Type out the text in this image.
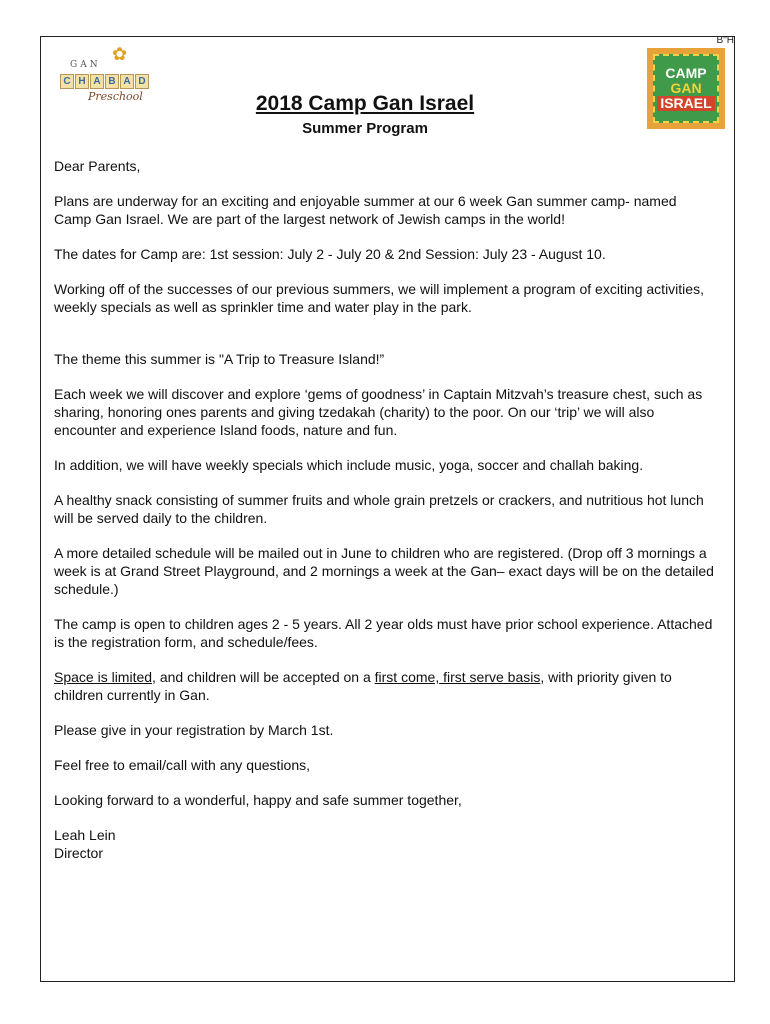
B"H
✿
GAN
C H A B A D
Preschool
CAMP
GAN
ISRAEL
2018 Camp Gan Israel
Summer Program

Dear Parents,

Plans are underway for an exciting and enjoyable summer at our 6 week Gan summer camp- named Camp Gan Israel. We are part of the largest network of Jewish camps in the world!

The dates for Camp are: 1st session: July 2 - July 20 & 2nd Session: July 23 - August 10.

Working off of the successes of our previous summers, we will implement a program of exciting activities, weekly specials as well as sprinkler time and water play in the park.

The theme this summer is "A Trip to Treasure Island!”

Each week we will discover and explore ‘gems of goodness’ in Captain Mitzvah’s treasure chest, such as sharing, honoring ones parents and giving tzedakah (charity) to the poor. On our ‘trip’ we will also encounter and experience Island foods, nature and fun.

In addition, we will have weekly specials which include music, yoga, soccer and challah baking.

A healthy snack consisting of summer fruits and whole grain pretzels or crackers, and nutritious hot lunch will be served daily to the children.

A more detailed schedule will be mailed out in June to children who are registered. (Drop off 3 mornings a week is at Grand Street Playground, and 2 mornings a week at the Gan– exact days will be on the detailed schedule.)

The camp is open to children ages 2 - 5 years. All 2 year olds must have prior school experience. Attached is the registration form, and schedule/fees.

Space is limited, and children will be accepted on a first come, first serve basis, with priority given to children currently in Gan.

Please give in your registration by March 1st.

Feel free to email/call with any questions,

Looking forward to a wonderful, happy and safe summer together,

Leah Lein
Director
